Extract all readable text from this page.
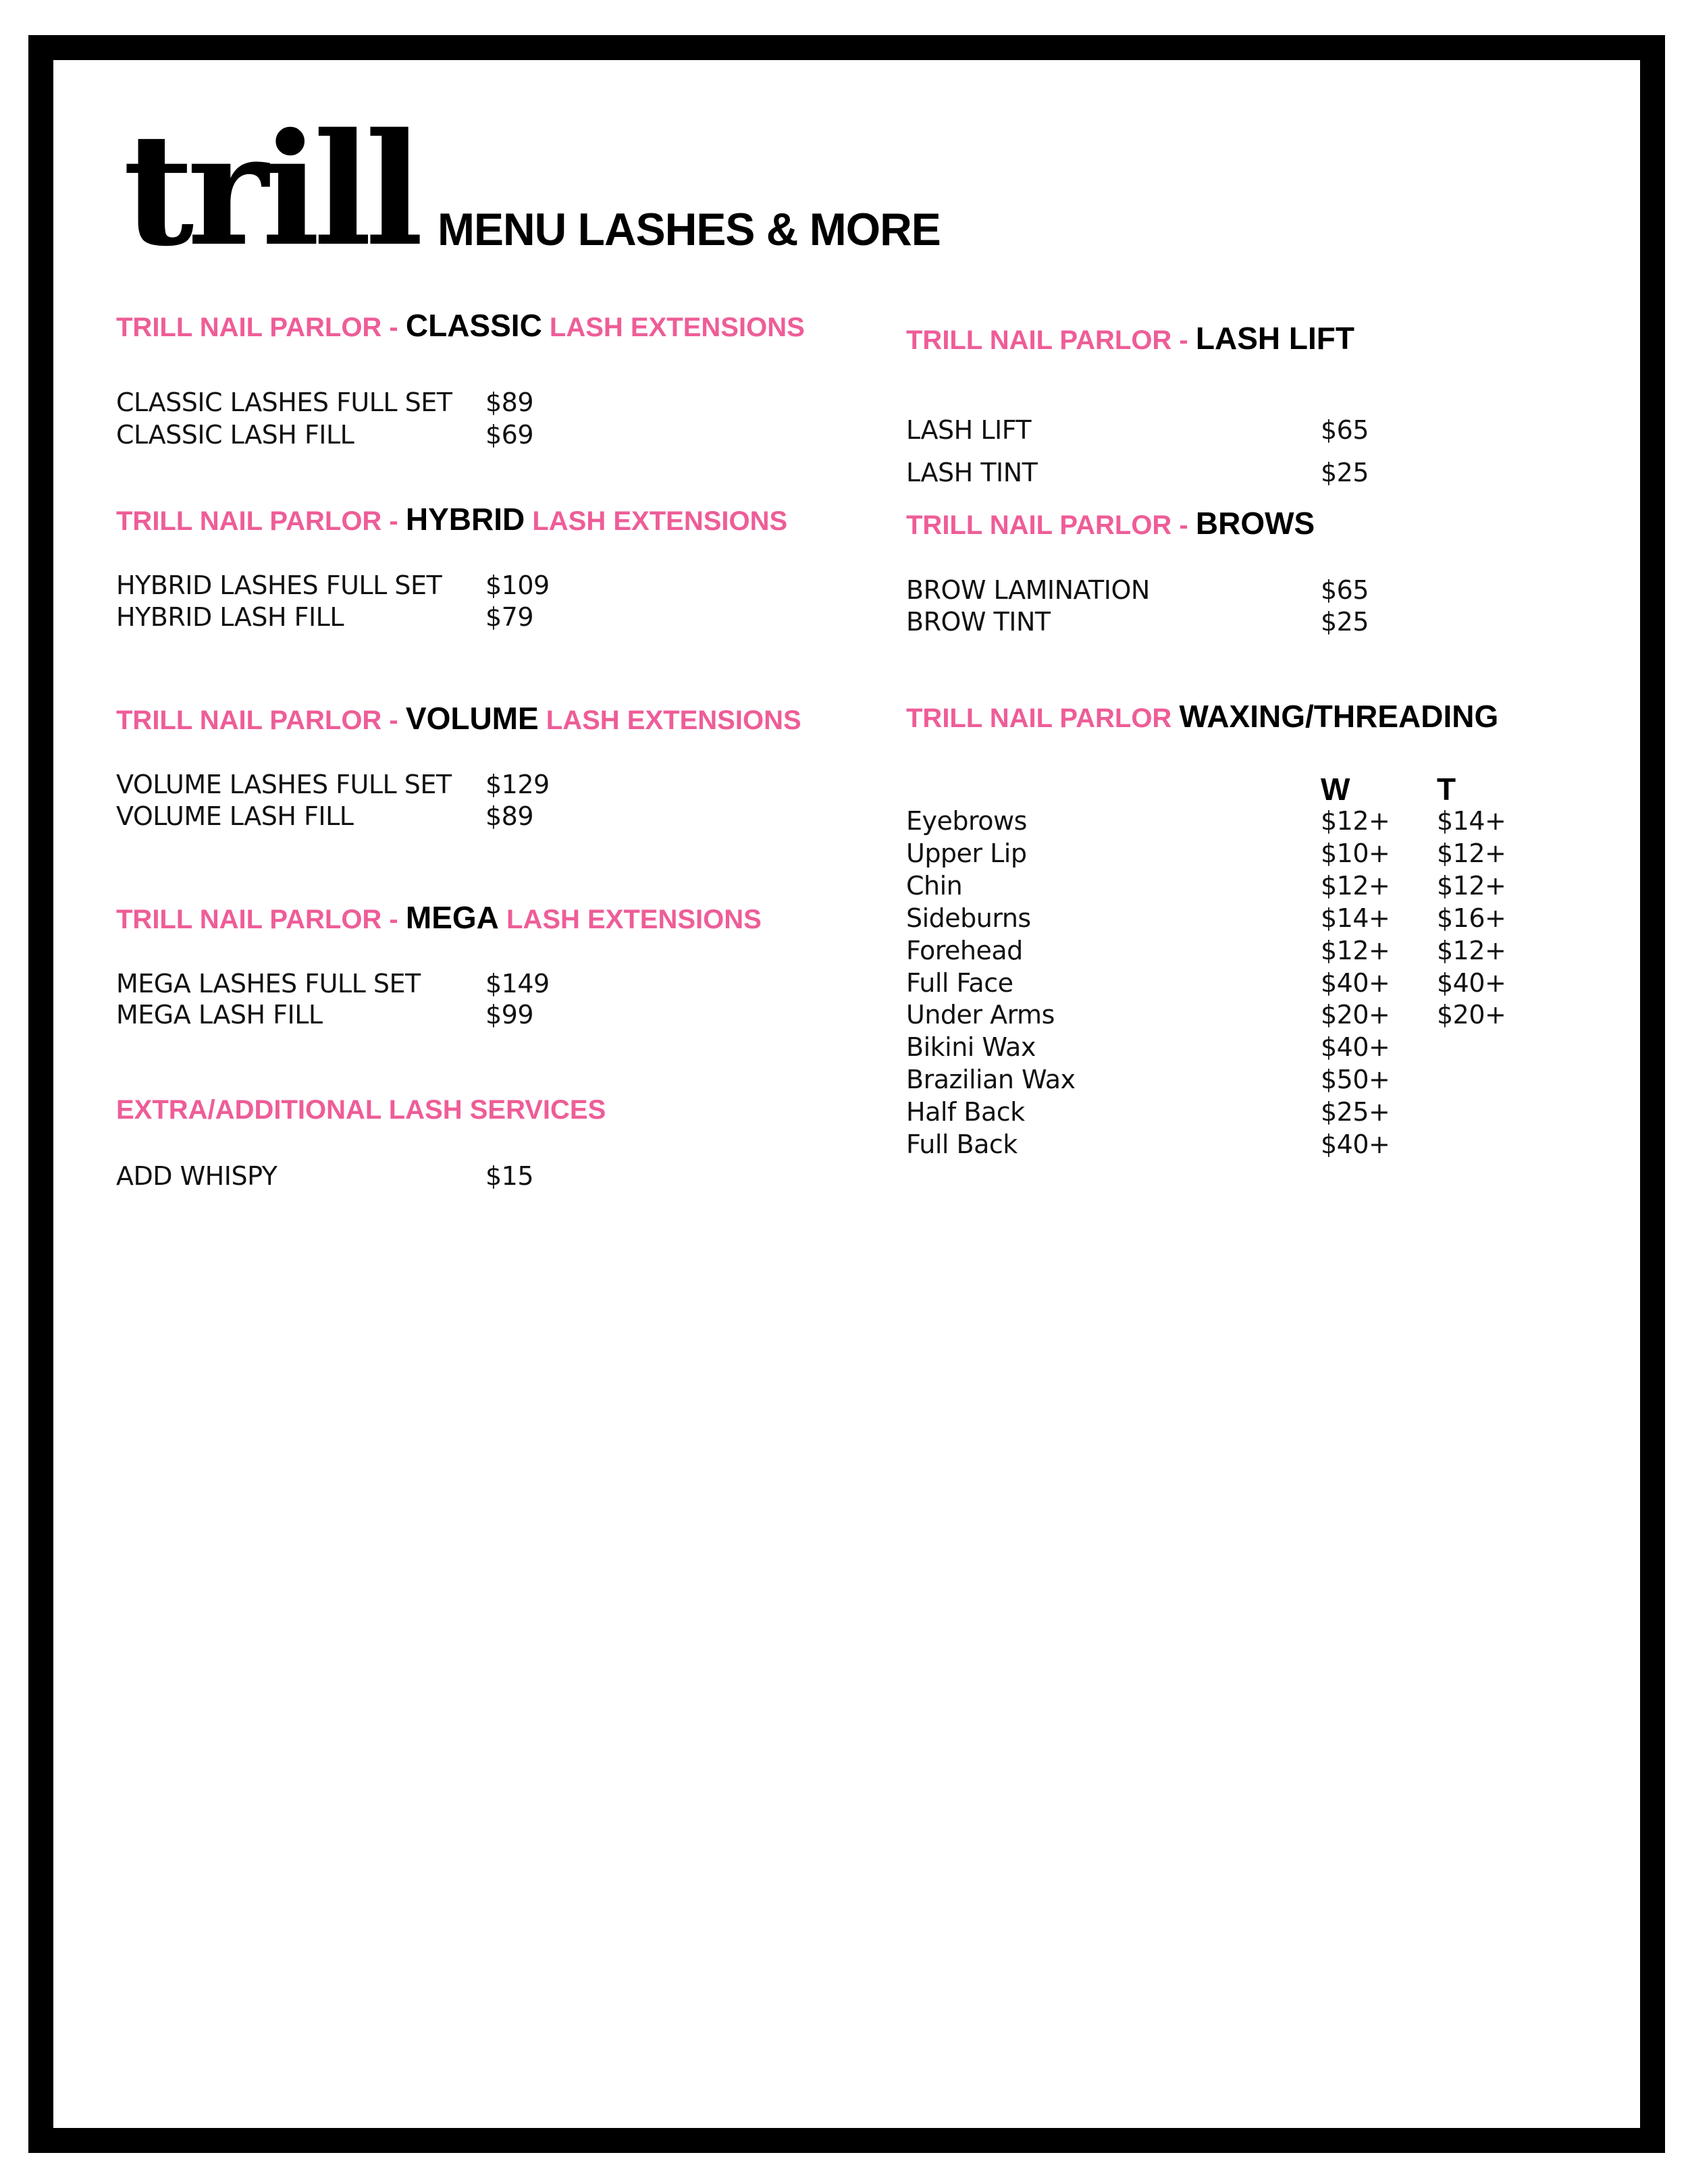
trill MENU LASHES & MORE
TRILL NAIL PARLOR - CLASSIC LASH EXTENSIONS
CLASSIC LASHES FULL SET $89
CLASSIC LASH FILL	$69
TRILL NAIL PARLOR - HYBRID LASH EXTENSIONS
HYBRID LASHES FULL SET $109
HYBRID LASH FILL	$79
TRILL NAIL PARLOR - VOLUME LASH EXTENSIONS
VOLUME LASHES FULL SET $129
VOLUME LASH FILL	$89
TRILL NAIL PARLOR - MEGA LASH EXTENSIONS
MEGA LASHES FULL SET	$149
MEGA LASH FILL	$99
EXTRA/ADDITIONAL LASH SERVICES
ADD WHISPY	$15
TRILL NAIL PARLOR - LASH LIFT
LASH LIFT	$65
LASH TINT	$25
TRILL NAIL PARLOR - BROWS
BROW LAMINATION	$65
BROW TINT	$25
TRILL NAIL PARLOR WAXING/THREADING
W	T
Eyebrows	$12+ $14+
Upper Lip	$10+ $12+
Chin	$12+ $12+
Sideburns	$14+ $16+
Forehead	$12+ $12+
Full Face	$40+ $40+
Under Arms	$20+ $20+
Bikini Wax	$40+
Brazilian Wax	$50+
Half Back	$25+
Full Back	$40+
